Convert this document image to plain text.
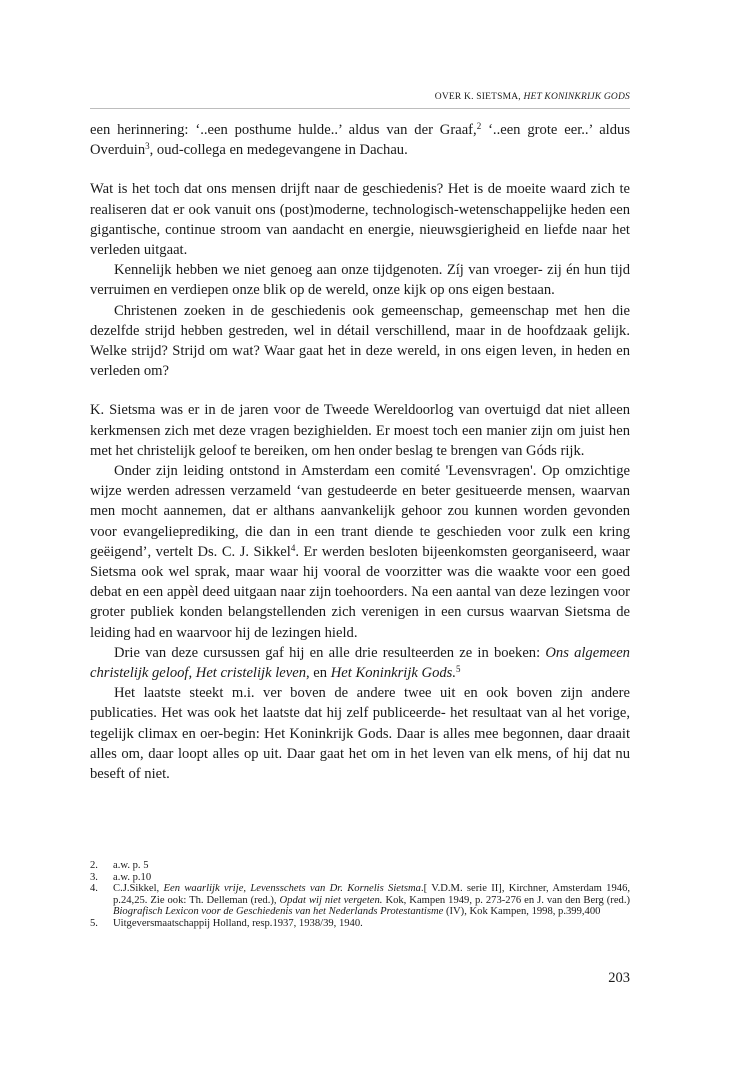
OVER K. SIETSMA, HET KONINKRIJK GODS

een herinnering: ‘..een posthume hulde..’ aldus van der Graaf,$^2$ ‘..een grote eer..’ aldus Overduin$^3$, oud-collega en medegevangene in Dachau.

Wat is het toch dat ons mensen drijft naar de geschiedenis? Het is de moeite waard zich te realiseren dat er ook vanuit ons (post)moderne, technologisch-wetenschappelijke heden een gigantische, continue stroom van aandacht en energie, nieuwsgierigheid en liefde naar het verleden uitgaat.

Kennelijk hebben we niet genoeg aan onze tijdgenoten. Zíj van vroeger- zij én hun tijd verruimen en verdiepen onze blik op de wereld, onze kijk op ons eigen bestaan.

Christenen zoeken in de geschiedenis ook gemeenschap, gemeenschap met hen die dezelfde strijd hebben gestreden, wel in détail verschillend, maar in de hoofdzaak gelijk. Welke strijd? Strijd om wat? Waar gaat het in deze wereld, in ons eigen leven, in heden en verleden om?

K. Sietsma was er in de jaren voor de Tweede Wereldoorlog van overtuigd dat niet alleen kerkmensen zich met deze vragen bezighielden. Er moest toch een manier zijn om juist hen met het christelijk geloof te bereiken, om hen onder beslag te brengen van Góds rijk.

Onder zijn leiding ontstond in Amsterdam een comité 'Levensvragen'. Op omzichtige wijze werden adressen verzameld ‘van gestudeerde en beter gesitueerde mensen, waarvan men mocht aannemen, dat er althans aanvankelijk gehoor zou kunnen worden gevonden voor evangelieprediking, die dan in een trant diende te geschieden voor zulk een kring geëigend’, vertelt Ds. C. J. Sikkel$^4$. Er werden besloten bijeenkomsten georganiseerd, waar Sietsma ook wel sprak, maar waar hij vooral de voorzitter was die waakte voor een goed debat en een appèl deed uitgaan naar zijn toehoorders. Na een aantal van deze lezingen voor groter publiek konden belangstellenden zich verenigen in een cursus waarvan Sietsma de leiding had en waarvoor hij de lezingen hield.

Drie van deze cursussen gaf hij en alle drie resulteerden ze in boeken: Ons algemeen christelijk geloof, Het cristelijk leven, en Het Koninkrijk Gods.$^5$

Het laatste steekt m.i. ver boven de andere twee uit en ook boven zijn andere publicaties. Het was ook het laatste dat hij zelf publiceerde- het resultaat van al het vorige, tegelijk climax en oer-begin: Het Koninkrijk Gods. Daar is alles mee begonnen, daar draait alles om, daar loopt alles op uit. Daar gaat het om in het leven van elk mens, of hij dat nu beseft of niet.

2.	a.w. p. 5
3.	a.w. p.10
4.	C.J.Sikkel, Een waarlijk vrije, Levensschets van Dr. Kornelis Sietsma.[ V.D.M. serie II], Kirchner, Amsterdam 1946, p.24,25. Zie ook: Th. Delleman (red.), Opdat wij niet vergeten. Kok, Kampen 1949, p. 273-276 en J. van den Berg (red.) Biografisch Lexicon voor de Geschiedenis van het Nederlands Protestantisme (IV), Kok Kampen, 1998, p.399,400
5.	Uitgeversmaatschappij Holland, resp.1937, 1938/39, 1940.
203
